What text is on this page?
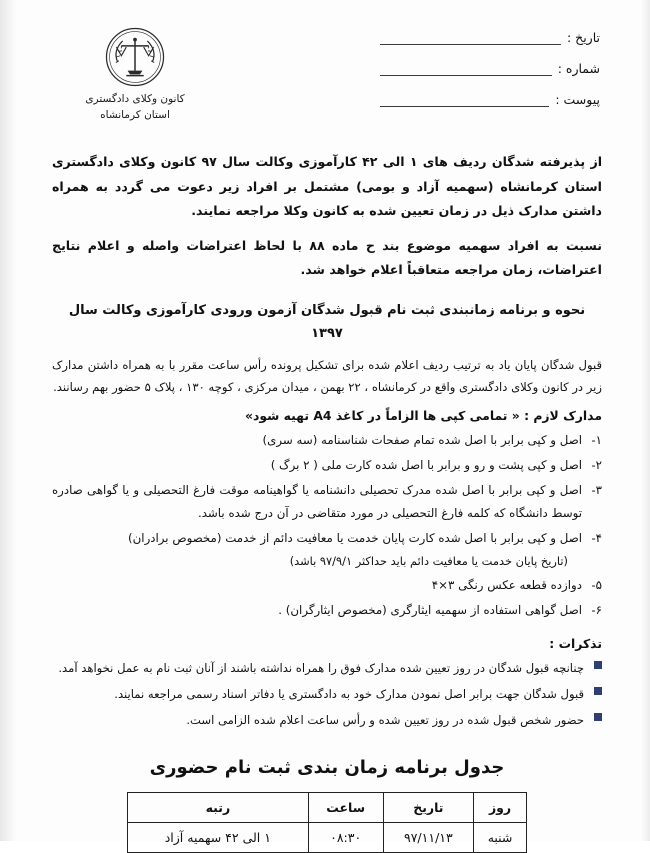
تاریخ :
شماره :
پیوست :
کانون وکلای دادگستری
استان کرمانشاه

از پذیرفته شدگان ردیف های ۱ الی ۴۲ کارآموزی وکالت سال ۹۷ کانون وکلای دادگستری استان کرمانشاه (سهمیه آزاد و بومی) مشتمل بر افراد زیر دعوت می گردد به همراه داشتن مدارک ذیل در زمان تعیین شده به کانون وکلا مراجعه نمایند.

نسبت به افراد سهمیه موضوع بند ح ماده ۸۸ با لحاظ اعتراضات واصله و اعلام نتایج اعتراضات، زمان مراجعه متعاقباً اعلام خواهد شد.

نحوه و برنامه زمانبندی ثبت نام قبول شدگان آزمون ورودی کارآموزی وکالت سال ۱۳۹۷

قبول شدگان پایان یاد به ترتیب ردیف اعلام شده برای تشکیل پرونده رأس ساعت مقرر با به همراه داشتن مدارک زیر در کانون وکلای دادگستری واقع در کرمانشاه ، ۲۲ بهمن ، میدان مرکزی ، کوچه ۱۳۰ ، پلاک ۵ حضور بهم رسانند.

مدارک لازم : « تمامی کپی ها الزاماً در کاغذ A4 تهیه شود»
۱-
اصل و کپی برابر با اصل شده تمام صفحات شناسنامه (سه سری)
۲-
اصل و کپی پشت و رو و برابر با اصل شده کارت ملی ( ۲ برگ )
۳-
اصل و کپی برابر با اصل شده مدرک تحصیلی دانشنامه یا گواهینامه موقت فارغ التحصیلی و یا گواهی صادره توسط دانشگاه که کلمه فارغ التحصیلی در مورد متقاضی در آن درج شده باشد.
۴-
اصل و کپی برابر با اصل شده کارت پایان خدمت یا معافیت دائم از خدمت (مخصوص برادران)
(تاریخ پایان خدمت یا معافیت دائم باید حداکثر ۹۷/۹/۱ باشد)
۵-
دوازده قطعه عکس رنگی ۳×۴
۶-
اصل گواهی استفاده از سهمیه ایثارگری (مخصوص ایثارگران) .
تذکرات :
چنانچه قبول شدگان در روز تعیین شده مدارک فوق را همراه نداشته باشند از آنان ثبت نام به عمل نخواهد آمد.
قبول شدگان جهت برابر اصل نمودن مدارک خود به دادگستری یا دفاتر اسناد رسمی مراجعه نمایند.
حضور شخص قبول شده در روز تعیین شده و رأس ساعت اعلام شده الزامی است.
جدول برنامه زمان بندی ثبت نام حضوری
روز	تاریخ	ساعت	رتبه
شنبه	۹۷/۱۱/۱۳	۰۸:۳۰	۱ الی ۴۲ سهمیه آزاد
